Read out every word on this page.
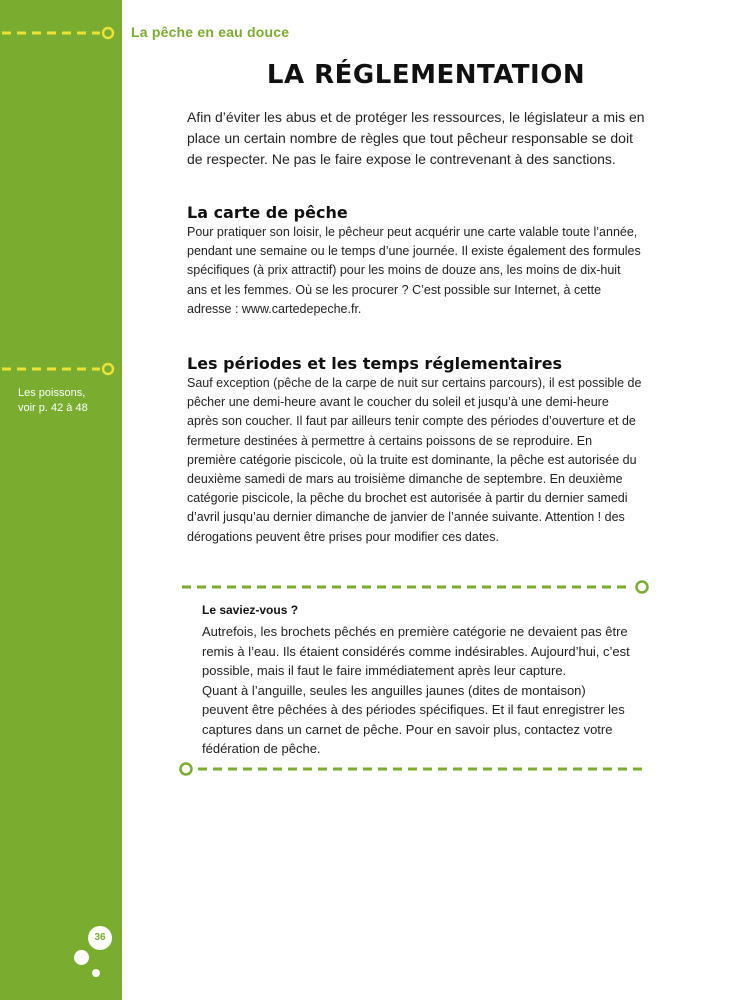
La pêche en eau douce
LA RÉGLEMENTATION
Afin d’éviter les abus et de protéger les ressources, le législateur a mis en place un certain nombre de règles que tout pêcheur responsable se doit de respecter. Ne pas le faire expose le contrevenant à des sanctions.
La carte de pêche
Pour pratiquer son loisir, le pêcheur peut acquérir une carte valable toute l’année, pendant une semaine ou le temps d’une journée. Il existe également des formules spécifiques (à prix attractif) pour les moins de douze ans, les moins de dix-huit ans et les femmes. Où se les procurer ? C’est possible sur Internet, à cette adresse : www.cartedepeche.fr.
Les poissons,
voir p. 42 à 48
Les périodes et les temps réglementaires
Sauf exception (pêche de la carpe de nuit sur certains parcours), il est possible de pêcher une demi-heure avant le coucher du soleil et jusqu’à une demi-heure après son coucher. Il faut par ailleurs tenir compte des périodes d’ouverture et de fermeture destinées à permettre à certains poissons de se reproduire. En première catégorie piscicole, où la truite est dominante, la pêche est autorisée du deuxième samedi de mars au troisième dimanche de septembre. En deuxième catégorie piscicole, la pêche du brochet est autorisée à partir du dernier samedi d’avril jusqu’au dernier dimanche de janvier de l’année suivante. Attention ! des dérogations peuvent être prises pour modifier ces dates.
Le saviez-vous ?

Autrefois, les brochets pêchés en première catégorie ne devaient pas être remis à l’eau. Ils étaient considérés comme indésirables. Aujourd’hui, c’est possible, mais il faut le faire immédiatement après leur capture.

Quant à l’anguille, seules les anguilles jaunes (dites de montaison) peuvent être pêchées à des périodes spécifiques. Et il faut enregistrer les captures dans un carnet de pêche. Pour en savoir plus, contactez votre fédération de pêche.

36
